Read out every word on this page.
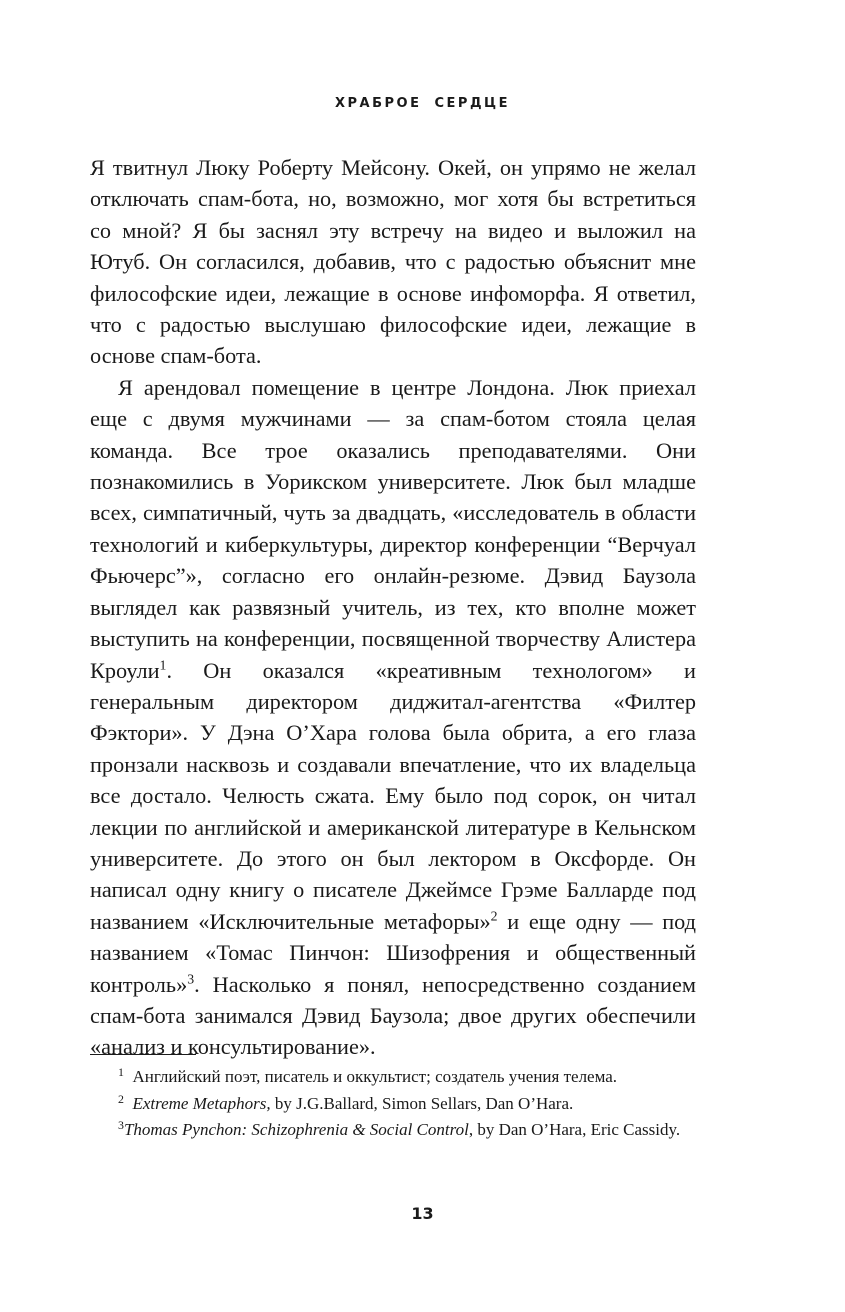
ХРАБРОЕ СЕРДЦЕ

Я твитнул Люку Роберту Мейсону. Окей, он упрямо не желал отключать спам-бота, но, возможно, мог хотя бы встретиться со мной? Я бы заснял эту встречу на видео и выложил на Ютуб. Он согласился, добавив, что с радостью объяснит мне философские идеи, лежащие в основе инфоморфа. Я ответил, что с радостью выслушаю философские идеи, лежащие в основе спам-бота.

Я арендовал помещение в центре Лондона. Люк приехал еще с двумя мужчинами — за спам-ботом стояла целая команда. Все трое оказались преподавателями. Они познакомились в Уорикском университете. Люк был младше всех, симпатичный, чуть за двадцать, «исследователь в области технологий и киберкультуры, директор конференции “Верчуал Фьючерс”», согласно его онлайн-резюме. Дэвид Баузола выглядел как развязный учитель, из тех, кто вполне может выступить на конференции, посвященной творчеству Алистера Кроули$^1$. Он оказался «креативным технологом» и генеральным директором диджитал-агентства «Филтер Фэктори». У Дэна О’Хара голова была обрита, а его глаза пронзали насквозь и создавали впечатление, что их владельца все достало. Челюсть сжата. Ему было под сорок, он читал лекции по английской и американской литературе в Кельнском университете. До этого он был лектором в Оксфорде. Он написал одну книгу о писателе Джеймсе Грэме Балларде под названием «Исключительные метафоры»$^2$ и еще одну — под названием «Томас Пинчон: Шизофрения и общественный контроль»$^3$. Насколько я понял, непосредственно созданием спам-бота занимался Дэвид Баузола; двое других обеспечили «анализ и консультирование».

$^1$ Английский поэт, писатель и оккультист; создатель учения телема.

$^2$ Extreme Metaphors, by J.G.Ballard, Simon Sellars, Dan O’Hara.

$^3$Thomas Pynchon: Schizophrenia & Social Control, by Dan O’Hara, Eric Cassidy.

13
